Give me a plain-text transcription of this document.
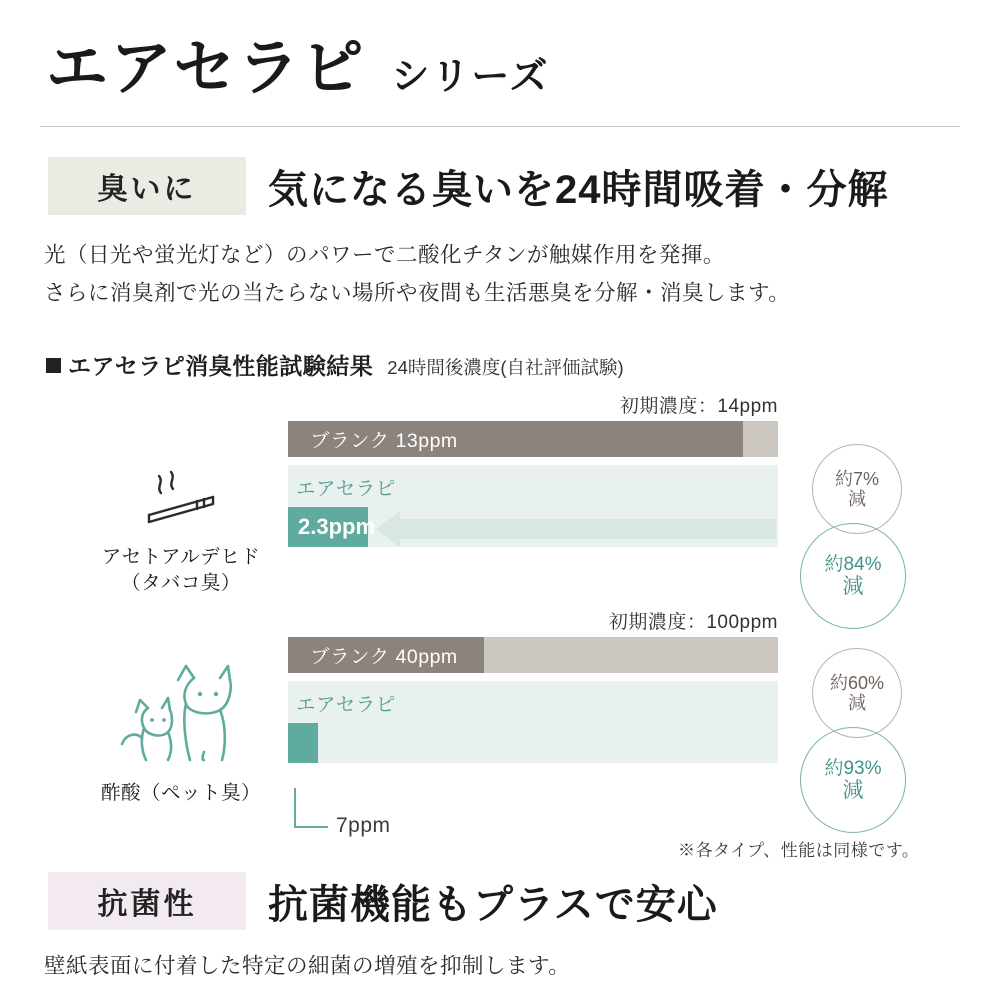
エアセラピ シリーズ
臭いに	気になる臭いを24時間吸着・分解
光（日光や蛍光灯など）のパワーで二酸化チタンが触媒作用を発揮。
さらに消臭剤で光の当たらない場所や夜間も生活悪臭を分解・消臭します。
エアセラピ消臭性能試験結果 24時間後濃度(自社評価試験)
初期濃度：14ppm
ブランク 13ppm
エアセラピ
2.3ppm
アセトアルデヒド
（タバコ臭）
約7%
減
約84%
減
初期濃度：100ppm
ブランク 40ppm
エアセラピ
酢酸（ペット臭）
7ppm
約60%
減
約93%
減
※各タイプ、性能は同様です。
抗菌性	抗菌機能もプラスで安心
壁紙表面に付着した特定の細菌の増殖を抑制します。
